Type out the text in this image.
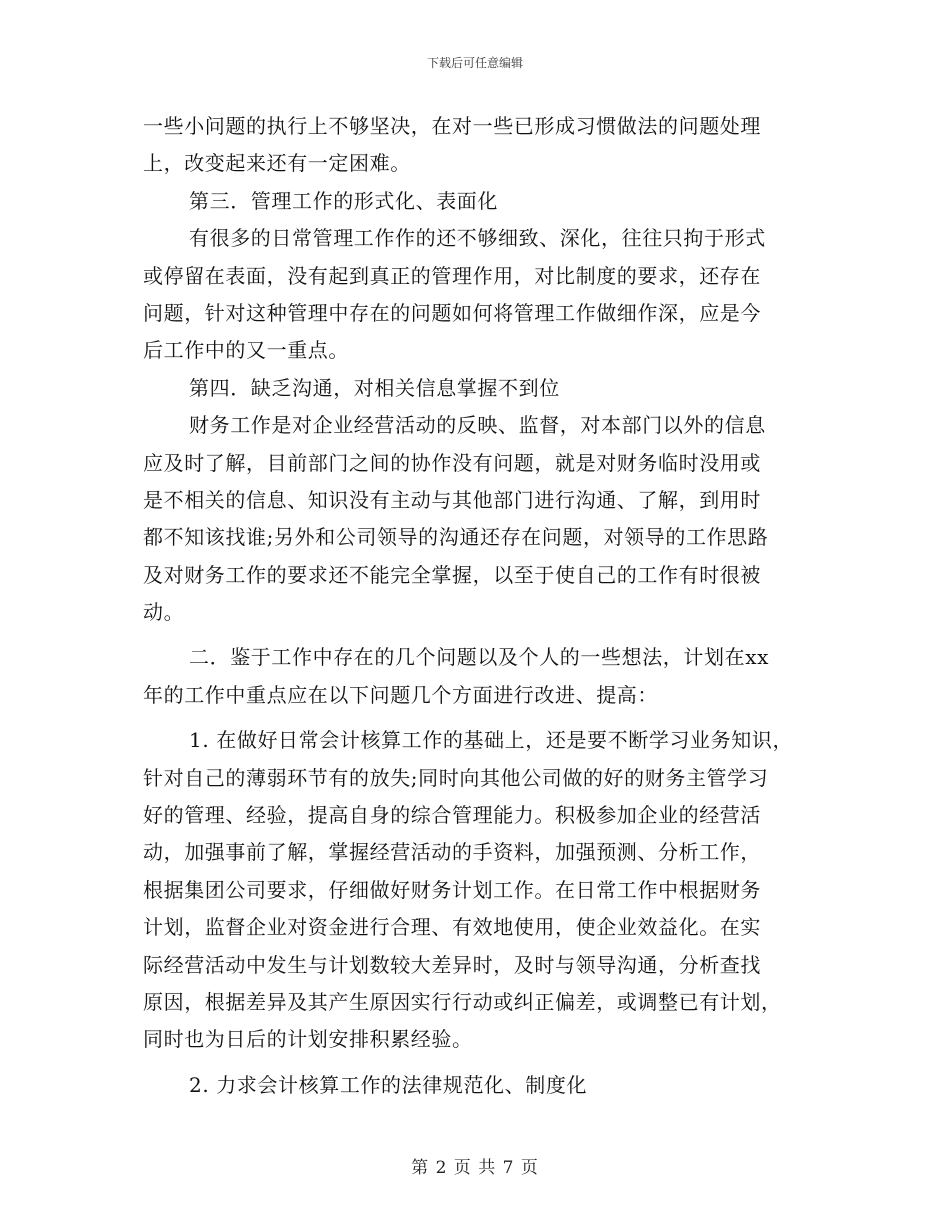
下载后可任意编辑
一些小问题的执行上不够坚决，在对一些已形成习惯做法的问题处理
上，改变起来还有一定困难。
第三．管理工作的形式化、表面化
有很多的日常管理工作作的还不够细致、深化，往往只拘于形式
或停留在表面，没有起到真正的管理作用，对比制度的要求，还存在
问题，针对这种管理中存在的问题如何将管理工作做细作深，应是今
后工作中的又一重点。
第四．缺乏沟通，对相关信息掌握不到位
财务工作是对企业经营活动的反映、监督，对本部门以外的信息
应及时了解，目前部门之间的协作没有问题，就是对财务临时没用或
是不相关的信息、知识没有主动与其他部门进行沟通、了解，到用时
都不知该找谁;另外和公司领导的沟通还存在问题，对领导的工作思路
及对财务工作的要求还不能完全掌握，以至于使自己的工作有时很被
动。
二．鉴于工作中存在的几个问题以及个人的一些想法，计划在xx
年的工作中重点应在以下问题几个方面进行改进、提高：
1. 在做好日常会计核算工作的基础上，还是要不断学习业务知识，
针对自己的薄弱环节有的放失;同时向其他公司做的好的财务主管学习
好的管理、经验，提高自身的综合管理能力。积极参加企业的经营活
动，加强事前了解，掌握经营活动的手资料，加强预测、分析工作，
根据集团公司要求，仔细做好财务计划工作。在日常工作中根据财务
计划，监督企业对资金进行合理、有效地使用，使企业效益化。在实
际经营活动中发生与计划数较大差异时，及时与领导沟通，分析查找
原因，根据差异及其产生原因实行行动或纠正偏差，或调整已有计划，
同时也为日后的计划安排积累经验。
2. 力求会计核算工作的法律规范化、制度化
第 2 页 共 7 页
